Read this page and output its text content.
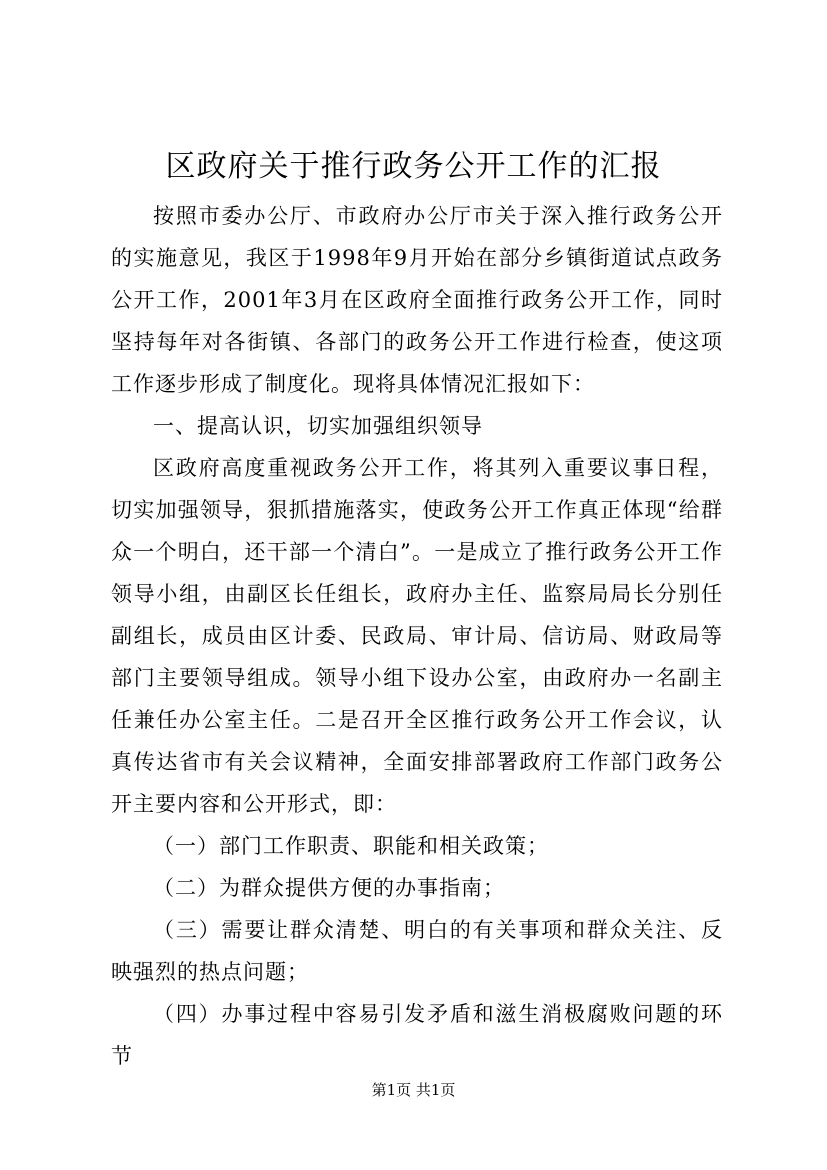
区政府关于推行政务公开工作的汇报

按照市委办公厅、市政府办公厅市关于深入推行政务公开的实施意见，我区于1998年9月开始在部分乡镇街道试点政务公开工作，2001年3月在区政府全面推行政务公开工作，同时坚持每年对各街镇、各部门的政务公开工作进行检查，使这项工作逐步形成了制度化。现将具体情况汇报如下：

一、提高认识，切实加强组织领导

区政府高度重视政务公开工作，将其列入重要议事日程，切实加强领导，狠抓措施落实，使政务公开工作真正体现“给群众一个明白，还干部一个清白”。一是成立了推行政务公开工作领导小组，由副区长任组长，政府办主任、监察局局长分别任副组长，成员由区计委、民政局、审计局、信访局、财政局等部门主要领导组成。领导小组下设办公室，由政府办一名副主任兼任办公室主任。二是召开全区推行政务公开工作会议，认真传达省市有关会议精神，全面安排部署政府工作部门政务公开主要内容和公开形式，即：

（一）部门工作职责、职能和相关政策；

（二）为群众提供方便的办事指南；

（三）需要让群众清楚、明白的有关事项和群众关注、反映强烈的热点问题；

（四）办事过程中容易引发矛盾和滋生消极腐败问题的环节

第1页 共1页
